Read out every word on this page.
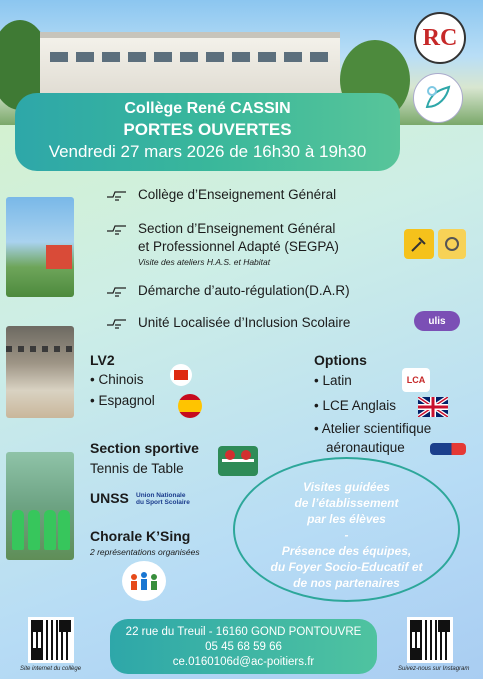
RC
Collège René CASSIN
PORTES OUVERTES
Vendredi 27 mars 2026 de 16h30 à 19h30
Collège d’Enseignement Général
Section d’Enseignement Général
et Professionnel Adapté (SEGPA)
Visite des ateliers H.A.S. et Habitat
Démarche d’auto-régulation(D.A.R)
Unité Localisée d’Inclusion Scolaire	ulis
LV2
• Chinois
• Espagnol
Options
• Latin
• LCE Anglais
• Atelier scientifique
aéronautique
LCA
Section sportive
Tennis de Table
UNSS Union Nationale
du Sport Scolaire
Chorale K’Sing
2 représentations organisées
Visites guidées
de l’établissement
par les élèves
-
Présence des équipes,
du Foyer Socio-Educatif et
de nos partenaires
Site internet du collège	Suivez-nous sur Instagram
22 rue du Treuil - 16160 GOND PONTOUVRE
05 45 68 59 66
ce.0160106d@ac-poitiers.fr
